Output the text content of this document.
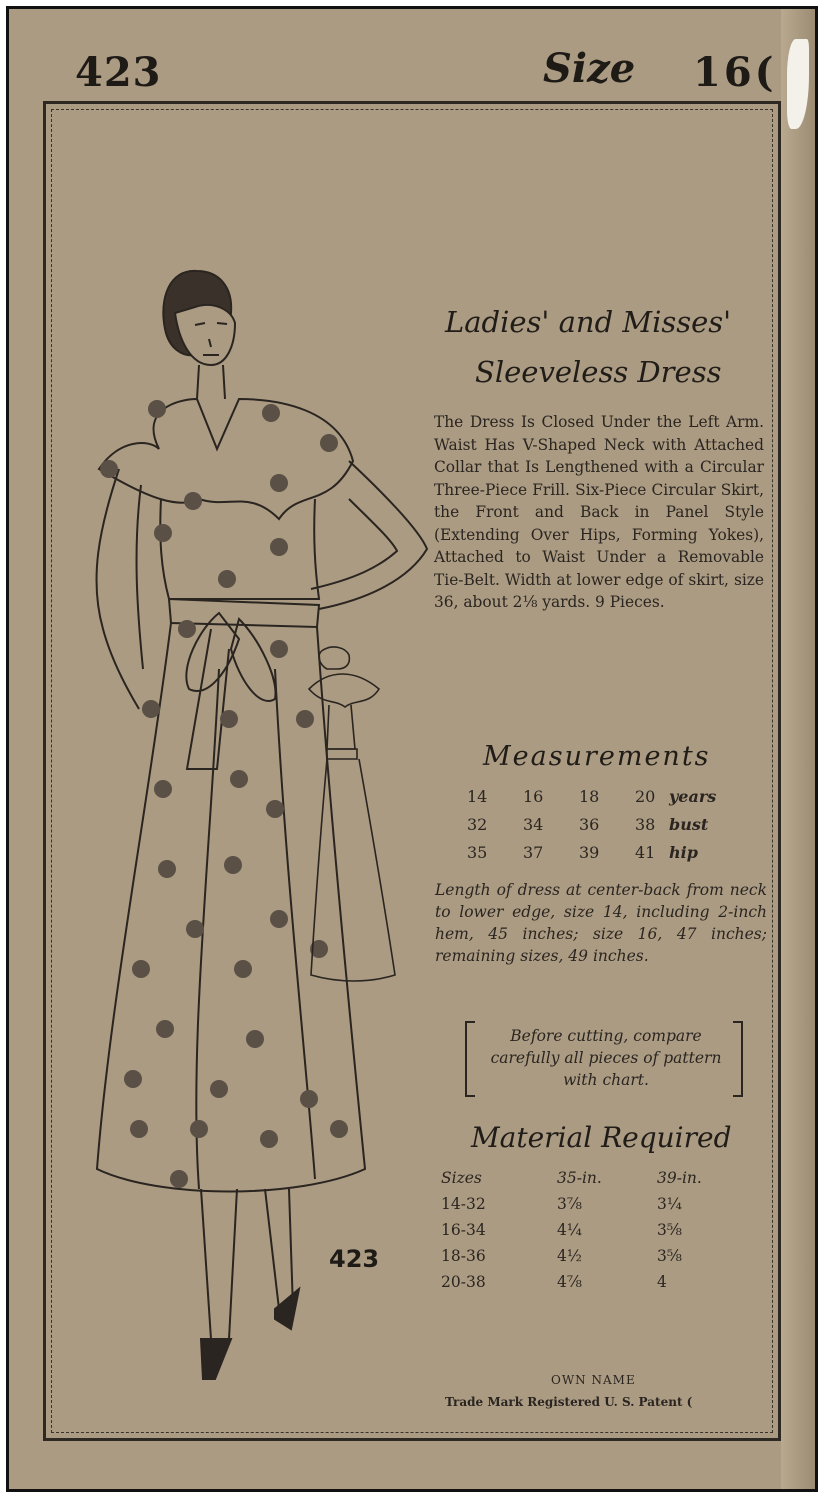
423	Size 16(
Ladies' and Misses'
Sleeveless Dress
The Dress Is Closed Under the Left Arm. Waist Has V-Shaped Neck with Attached Collar that Is Lengthened with a Circular Three-Piece Frill. Six-Piece Circular Skirt, the Front and Back in Panel Style (Extending Over Hips, Forming Yokes), Attached to Waist Under a Removable Tie-Belt. Width at lower edge of skirt, size 36, about 2⅛ yards. 9 Pieces.
Measurements
14	16	18	20	years
32	34	36	38	bust
35	37	39	41	hip
Length of dress at center-back from neck to lower edge, size 14, including 2-inch hem, 45 inches; size 16, 47 inches; remaining sizes, 49 inches.
Before cutting, compare carefully all pieces of pattern with chart.
Material Required
Sizes	35-in.	39-in.
14-32	3⅞	3¼
16-34	4¼	3⅝
18-36	4½	3⅝
20-38	4⅞	4
423
OWN NAME
Trade Mark Registered U. S. Patent (
